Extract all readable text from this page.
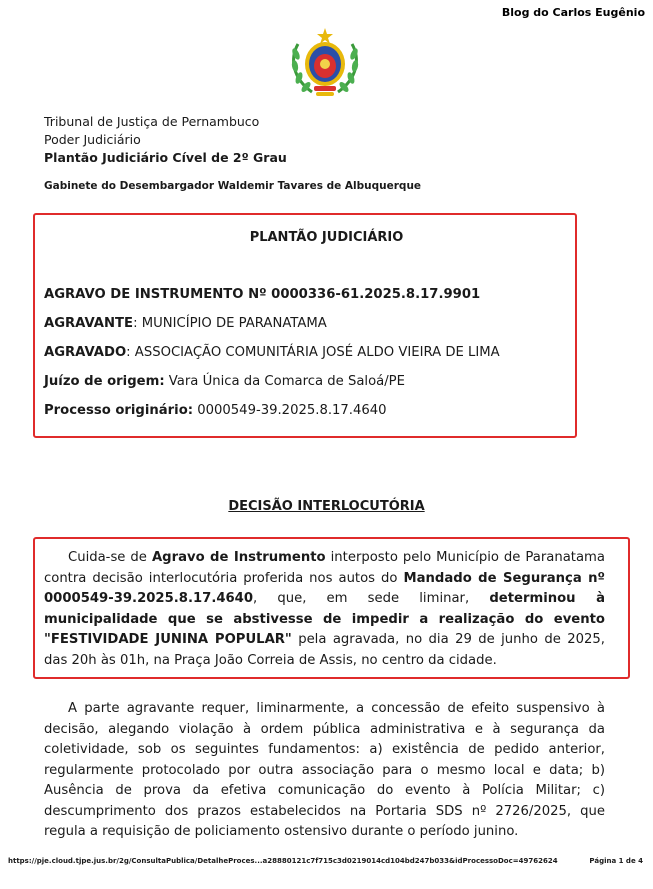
Blog do Carlos Eugênio
Tribunal de Justiça de Pernambuco
Poder Judiciário
Plantão Judiciário Cível de 2º Grau
Gabinete do Desembargador Waldemir Tavares de Albuquerque
PLANTÃO JUDICIÁRIO
AGRAVO DE INSTRUMENTO Nº 0000336-61.2025.8.17.9901
AGRAVANTE: MUNICÍPIO DE PARANATAMA
AGRAVADO: ASSOCIAÇÃO COMUNITÁRIA JOSÉ ALDO VIEIRA DE LIMA
Juízo de origem: Vara Única da Comarca de Saloá/PE
Processo originário: 0000549-39.2025.8.17.4640
DECISÃO INTERLOCUTÓRIA
Cuida-se de Agravo de Instrumento interposto pelo Município de Paranatama contra decisão interlocutória proferida nos autos do Mandado de Segurança nº 0000549-39.2025.8.17.4640, que, em sede liminar, determinou à municipalidade que se abstivesse de impedir a realização do evento "FESTIVIDADE JUNINA POPULAR" pela agravada, no dia 29 de junho de 2025, das 20h às 01h, na Praça João Correia de Assis, no centro da cidade.
A parte agravante requer, liminarmente, a concessão de efeito suspensivo à decisão, alegando violação à ordem pública administrativa e à segurança da coletividade, sob os seguintes fundamentos: a) existência de pedido anterior, regularmente protocolado por outra associação para o mesmo local e data; b) Ausência de prova da efetiva comunicação do evento à Polícia Militar; c) descumprimento dos prazos estabelecidos na Portaria SDS nº 2726/2025, que regula a requisição de policiamento ostensivo durante o período junino.
https://pje.cloud.tjpe.jus.br/2g/ConsultaPublica/DetalheProces...a28880121c7f715c3d0219014cd104bd247b033&idProcessoDoc=49762624	Página 1 de 4
